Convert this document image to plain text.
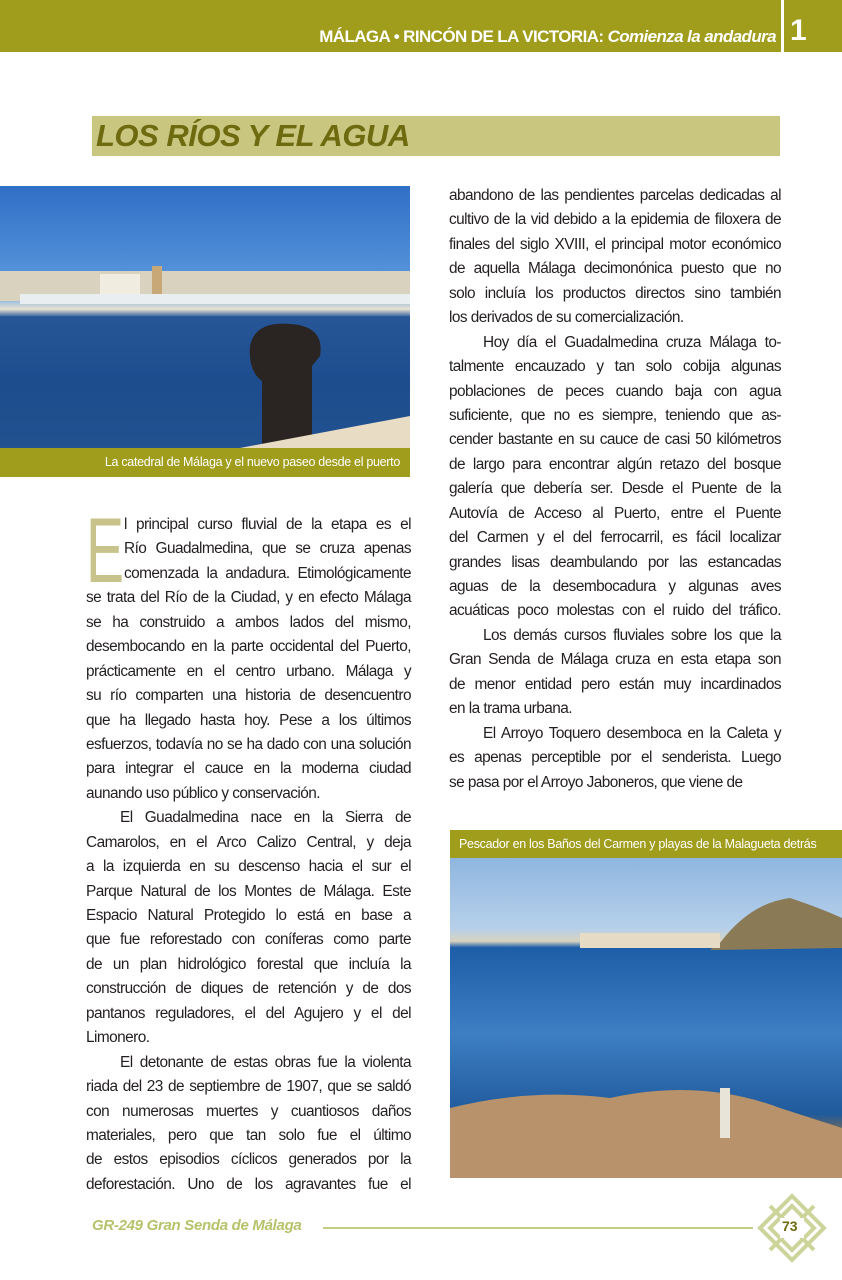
MÁLAGA • RINCÓN DE LA VICTORIA: Comienza la andadura 1
LOS RÍOS Y EL AGUA
La catedral de Málaga y el nuevo paseo desde el puerto
E l principal curso fluvial de la etapa es el
Río Guadalmedina, que se cruza apenas
comenzada la andadura. Etimológicamente
se trata del Río de la Ciudad, y en efecto Málaga
se ha construido a ambos lados del mismo,
desembocando en la parte occidental del Puerto,
prácticamente en el centro urbano. Málaga y
su río comparten una historia de desencuentro
que ha llegado hasta hoy. Pese a los últimos
esfuerzos, todavía no se ha dado con una solución
para integrar el cauce en la moderna ciudad
aunando uso público y conservación.
El Guadalmedina nace en la Sierra de
Camarolos, en el Arco Calizo Central, y deja
a la izquierda en su descenso hacia el sur el
Parque Natural de los Montes de Málaga. Este
Espacio Natural Protegido lo está en base a
que fue reforestado con coníferas como parte
de un plan hidrológico forestal que incluía la
construcción de diques de retención y de dos
pantanos reguladores, el del Agujero y el del
Limonero.
El detonante de estas obras fue la violenta
riada del 23 de septiembre de 1907, que se saldó
con numerosas muertes y cuantiosos daños
materiales, pero que tan solo fue el último
de estos episodios cíclicos generados por la
deforestación. Uno de los agravantes fue el
abandono de las pendientes parcelas dedicadas al
cultivo de la vid debido a la epidemia de filoxera de
finales del siglo XVIII, el principal motor económico
de aquella Málaga decimonónica puesto que no
solo incluía los productos directos sino también
los derivados de su comercialización.
Hoy día el Guadalmedina cruza Málaga to-
talmente encauzado y tan solo cobija algunas
poblaciones de peces cuando baja con agua
suficiente, que no es siempre, teniendo que as-
cender bastante en su cauce de casi 50 kilómetros
de largo para encontrar algún retazo del bosque
galería que debería ser. Desde el Puente de la
Autovía de Acceso al Puerto, entre el Puente
del Carmen y el del ferrocarril, es fácil localizar
grandes lisas deambulando por las estancadas
aguas de la desembocadura y algunas aves
acuáticas poco molestas con el ruido del tráfico.
Los demás cursos fluviales sobre los que la
Gran Senda de Málaga cruza en esta etapa son
de menor entidad pero están muy incardinados
en la trama urbana.
El Arroyo Toquero desemboca en la Caleta y
es apenas perceptible por el senderista. Luego
se pasa por el Arroyo Jaboneros, que viene de
Pescador en los Baños del Carmen y playas de la Malagueta detrás
GR-249 Gran Senda de Málaga	73
